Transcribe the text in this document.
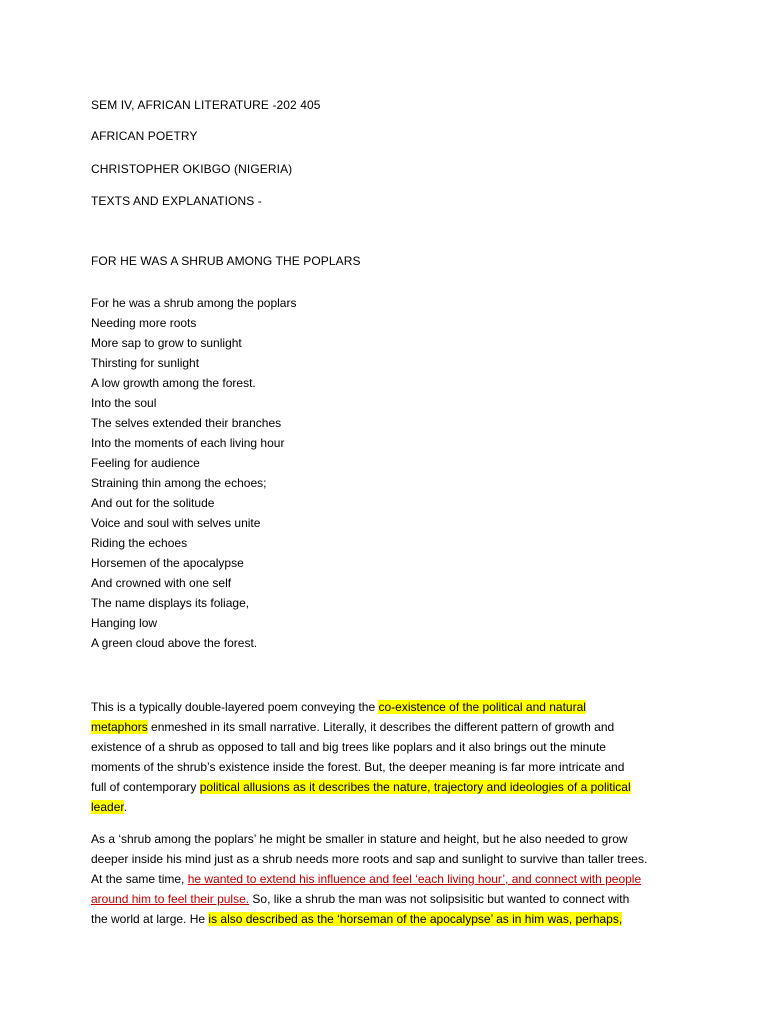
SEM IV, AFRICAN LITERATURE -202 405
AFRICAN POETRY
CHRISTOPHER OKIBGO (NIGERIA)
TEXTS AND EXPLANATIONS -
FOR HE WAS A SHRUB AMONG THE POPLARS
For he was a shrub among the poplars
Needing more roots
More sap to grow to sunlight
Thirsting for sunlight
A low growth among the forest.
Into the soul
The selves extended their branches
Into the moments of each living hour
Feeling for audience
Straining thin among the echoes;
And out for the solitude
Voice and soul with selves unite
Riding the echoes
Horsemen of the apocalypse
And crowned with one self
The name displays its foliage,
Hanging low
A green cloud above the forest.

This is a typically double-layered poem conveying the co-existence of the political and natural
metaphors enmeshed in its small narrative. Literally, it describes the different pattern of growth and
existence of a shrub as opposed to tall and big trees like poplars and it also brings out the minute
moments of the shrub’s existence inside the forest. But, the deeper meaning is far more intricate and
full of contemporary political allusions as it describes the nature, trajectory and ideologies of a political
leader.

As a ‘shrub among the poplars’ he might be smaller in stature and height, but he also needed to grow
deeper inside his mind just as a shrub needs more roots and sap and sunlight to survive than taller trees.
At the same time, he wanted to extend his influence and feel ‘each living hour’, and connect with people
around him to feel their pulse. So, like a shrub the man was not solipsisitic but wanted to connect with
the world at large. He is also described as the ‘horseman of the apocalypse’ as in him was, perhaps,
